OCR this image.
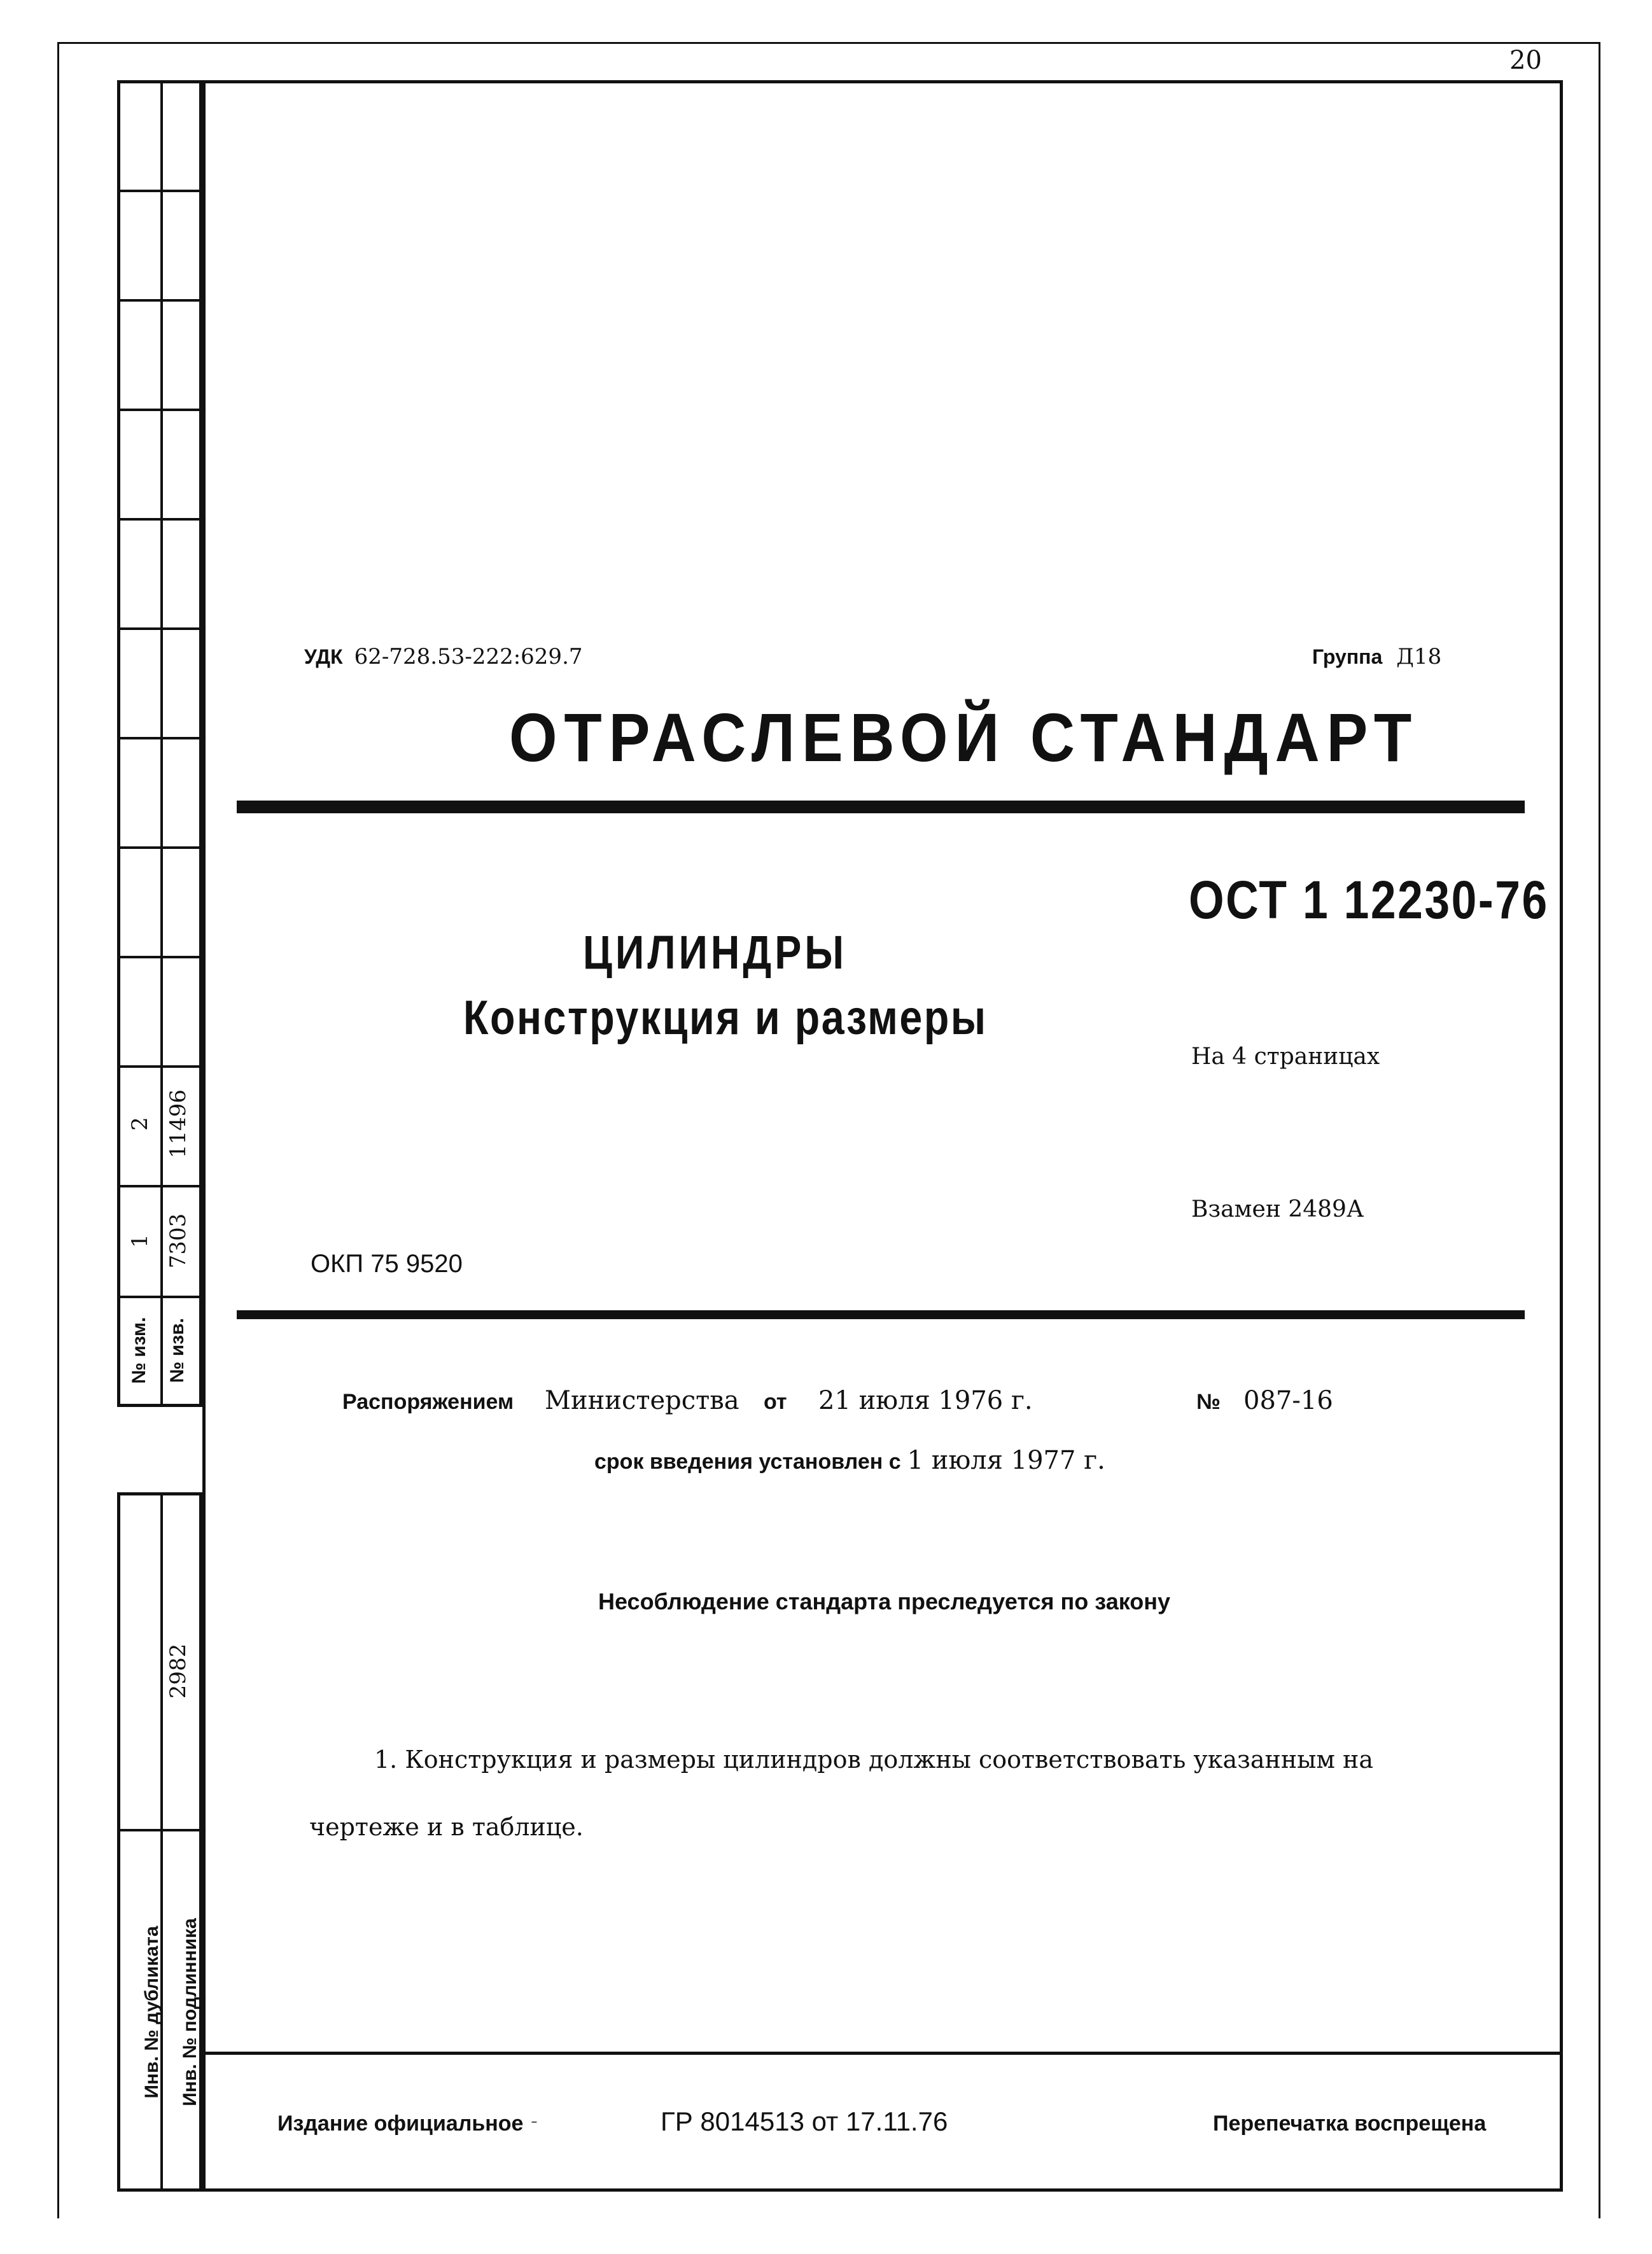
20
2 11496
1 7303
№ изм. № изв.
2982
Инв. № дубликата Инв. № подлинника
УДК 62-728.53-222:629.7	Группа Д18
ОТРАСЛЕВОЙ СТАНДАРТ
ОСТ 1 12230-76
ЦИЛИНДРЫ
Конструкция и размеры
На 4 страницах
Взамен 2489А
ОКП 75 9520
Распоряжением Министерства от 21 июля 1976 г.	№ 087-16
срок введения установлен с 1 июля 1977 г.
Несоблюдение стандарта преследуется по закону
1. Конструкция и размеры цилиндров должны соответствовать указанным на чертеже и в таблице.
Издание официальное -	ГР 8014513 от 17.11.76	Перепечатка воспрещена
